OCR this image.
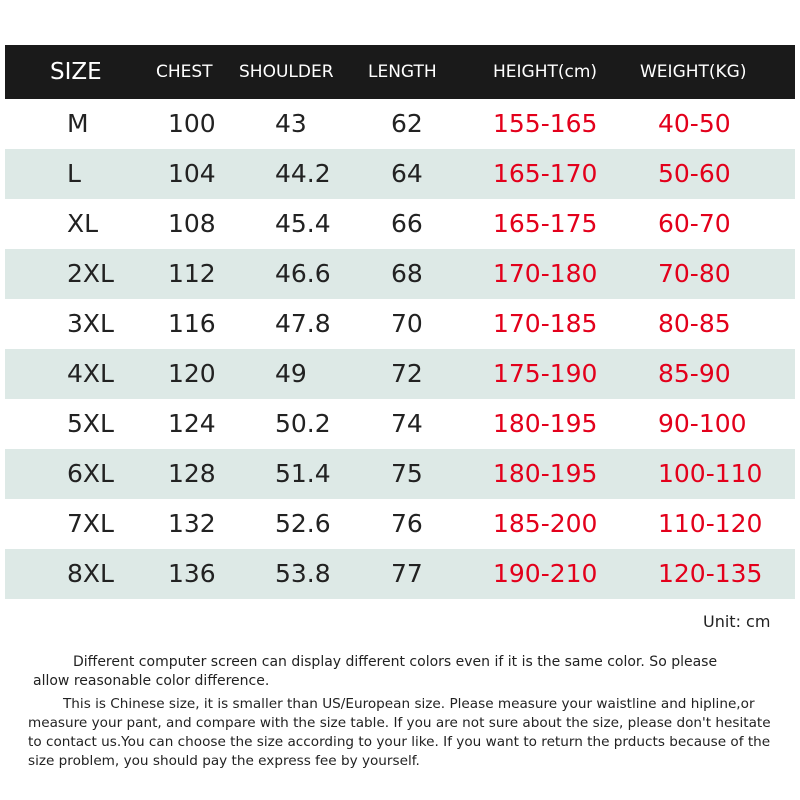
SIZE	CHEST SHOULDER LENGTH	HEIGHT(cm)	WEIGHT(KG)
M	100 43	62	155-165 40-50
L	104 44.2 64	165-170 50-60
XL	108 45.4 66	165-175 60-70
2XL 112 46.6 68	170-180 70-80
3XL 116 47.8 70	170-185 80-85
4XL 120 49	72	175-190 85-90
5XL 124 50.2 74	180-195 90-100
6XL 128 51.4 75	180-195 100-110
7XL 132 52.6 76	185-200 110-120
8XL 136 53.8 77	190-210 120-135
Unit: cm
Different computer screen can display different colors even if it is the same color. So please
allow reasonable color difference.
This is Chinese size, it is smaller than US/European size. Please measure your waistline and hipline,or
measure your pant, and compare with the size table. If you are not sure about the size, please don't hesitate
to contact us.You can choose the size according to your like. If you want to return the prducts because of the
size problem, you should pay the express fee by yourself.
